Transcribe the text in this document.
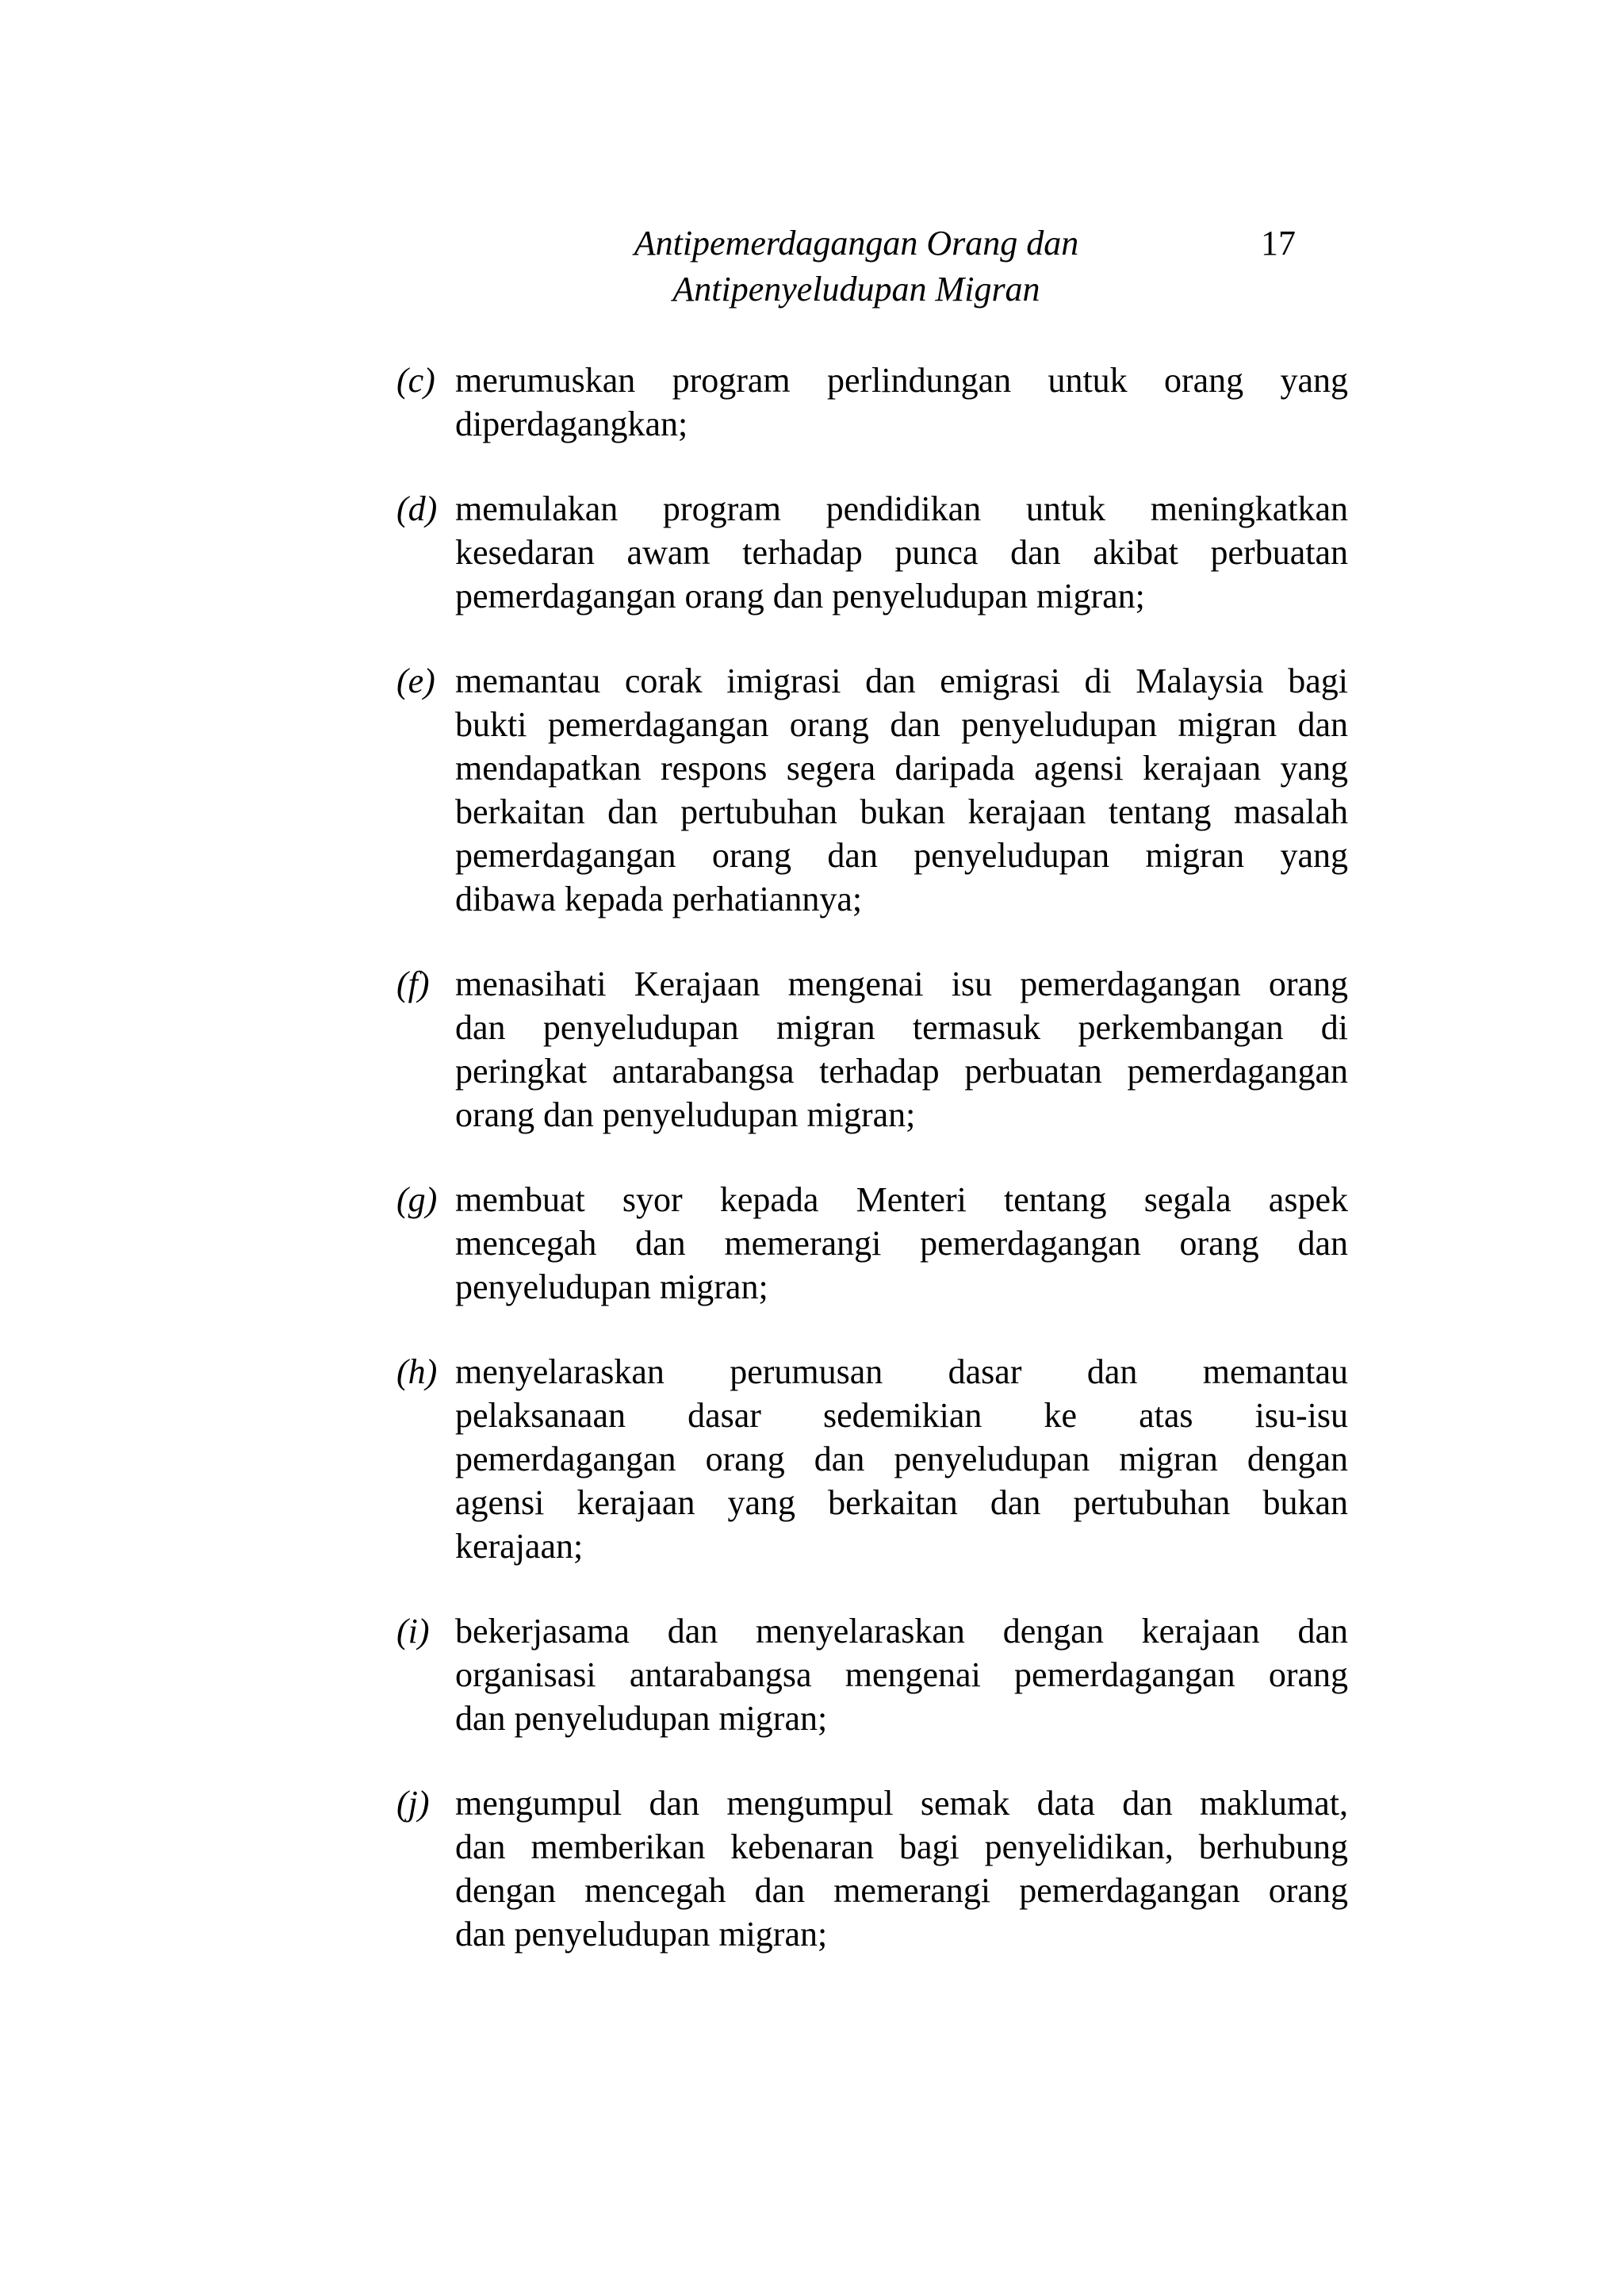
Antipemerdagangan Orang dan
Antipenyeludupan Migran
17
(c) merumuskan program perlindungan untuk orang yang
diperdagangkan;
(d) memulakan program pendidikan untuk meningkatkan
kesedaran awam terhadap punca dan akibat perbuatan
pemerdagangan orang dan penyeludupan migran;
(e) memantau corak imigrasi dan emigrasi di Malaysia bagi
bukti pemerdagangan orang dan penyeludupan migran dan
mendapatkan respons segera daripada agensi kerajaan yang
berkaitan dan pertubuhan bukan kerajaan tentang masalah
pemerdagangan orang dan penyeludupan migran yang
dibawa kepada perhatiannya;
(f) menasihati Kerajaan mengenai isu pemerdagangan orang
dan penyeludupan migran termasuk perkembangan di
peringkat antarabangsa terhadap perbuatan pemerdagangan
orang dan penyeludupan migran;
(g) membuat syor kepada Menteri tentang segala aspek
mencegah dan memerangi pemerdagangan orang dan
penyeludupan migran;
(h) menyelaraskan perumusan dasar dan memantau
pelaksanaan dasar sedemikian ke atas isu-isu
pemerdagangan orang dan penyeludupan migran dengan
agensi kerajaan yang berkaitan dan pertubuhan bukan
kerajaan;
(i) bekerjasama dan menyelaraskan dengan kerajaan dan
organisasi antarabangsa mengenai pemerdagangan orang
dan penyeludupan migran;
(j) mengumpul dan mengumpul semak data dan maklumat,
dan memberikan kebenaran bagi penyelidikan, berhubung
dengan mencegah dan memerangi pemerdagangan orang
dan penyeludupan migran;
